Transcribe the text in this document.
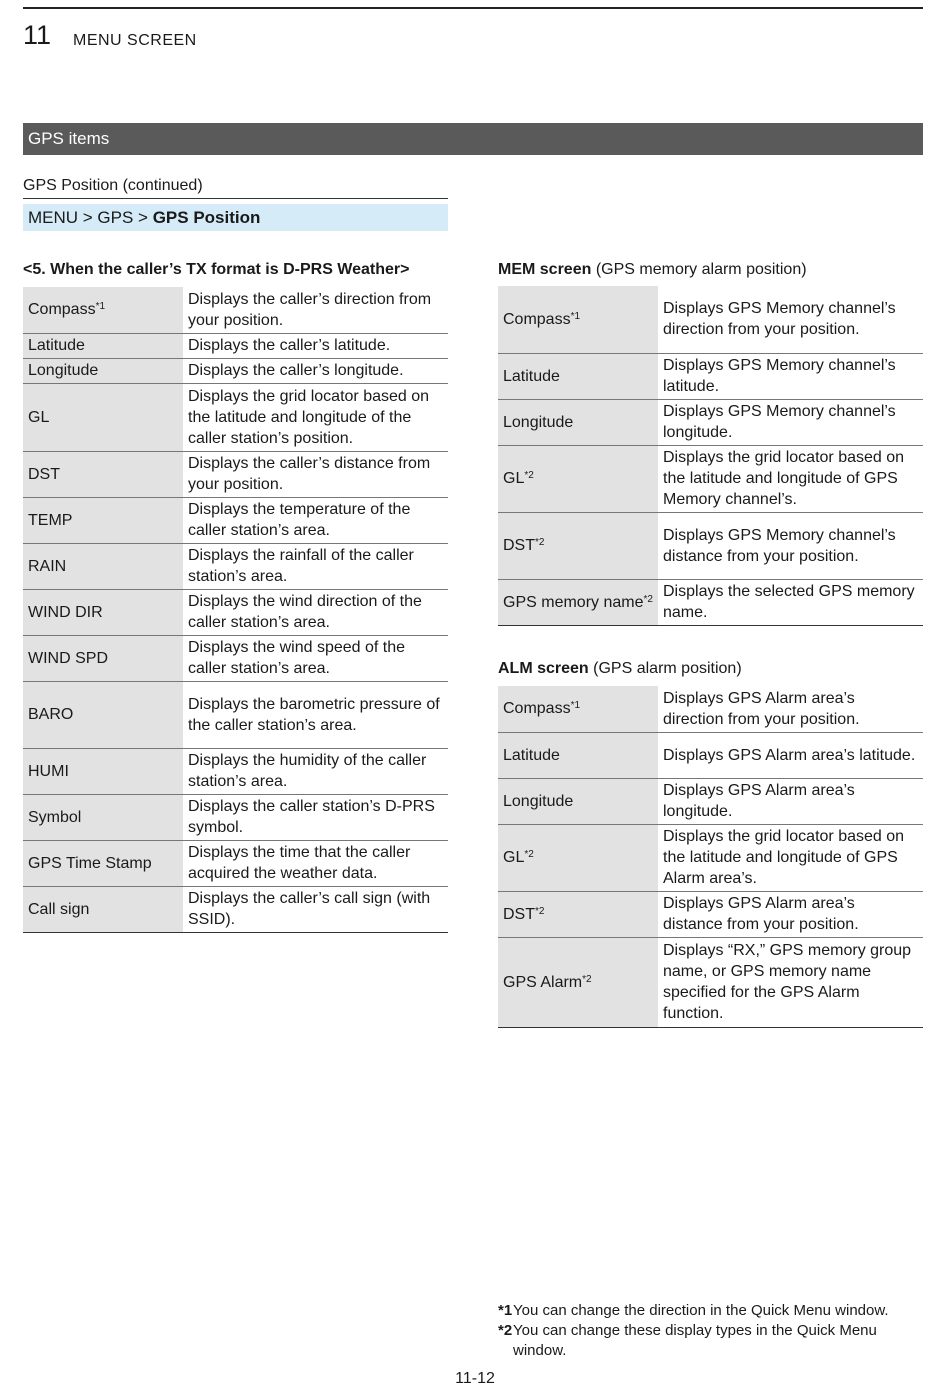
11 MENU SCREEN
GPS items
GPS Position (continued)
MENU > GPS > GPS Position
<5. When the caller’s TX format is D-PRS Weather>
Compass$^{*1}$	Displays the caller’s direction from your position.
Latitude	Displays the caller’s latitude.
Longitude	Displays the caller’s longitude.
GL	Displays the grid locator based on the latitude and longitude of the caller station’s position.
DST	Displays the caller’s distance from your position.
TEMP	Displays the temperature of the caller station’s area.
RAIN	Displays the rainfall of the caller station’s area.
WIND DIR	Displays the wind direction of the caller station’s area.
WIND SPD	Displays the wind speed of the caller station’s area.
BARO	Displays the barometric pressure of the caller station’s area.
HUMI	Displays the humidity of the caller station’s area.
Symbol	Displays the caller station’s D-PRS symbol.
GPS Time Stamp	Displays the time that the caller acquired the weather data.
Call sign	Displays the caller’s call sign (with SSID).
MEM screen (GPS memory alarm position)
Compass$^{*1}$	Displays GPS Memory channel’s direction from your position.
Latitude	Displays GPS Memory channel’s latitude.
Longitude	Displays GPS Memory channel’s longitude.
GL$^{*2}$	Displays the grid locator based on the latitude and longitude of GPS Memory channel’s.
DST$^{*2}$	Displays GPS Memory channel’s distance from your position.
GPS memory name$^{*2}$	Displays the selected GPS memory name.
ALM screen (GPS alarm position)
Compass$^{*1}$	Displays GPS Alarm area’s direction from your position.
Latitude	Displays GPS Alarm area’s latitude.
Longitude	Displays GPS Alarm area’s longitude.
GL$^{*2}$	Displays the grid locator based on the latitude and longitude of GPS Alarm area’s.
DST$^{*2}$	Displays GPS Alarm area’s distance from your position.
GPS Alarm$^{*2}$	Displays “RX,” GPS memory group name, or GPS memory name specified for the GPS Alarm function.
*1You can change the direction in the Quick Menu window.
*2You can change these display types in the Quick Menu
window.
11-12
